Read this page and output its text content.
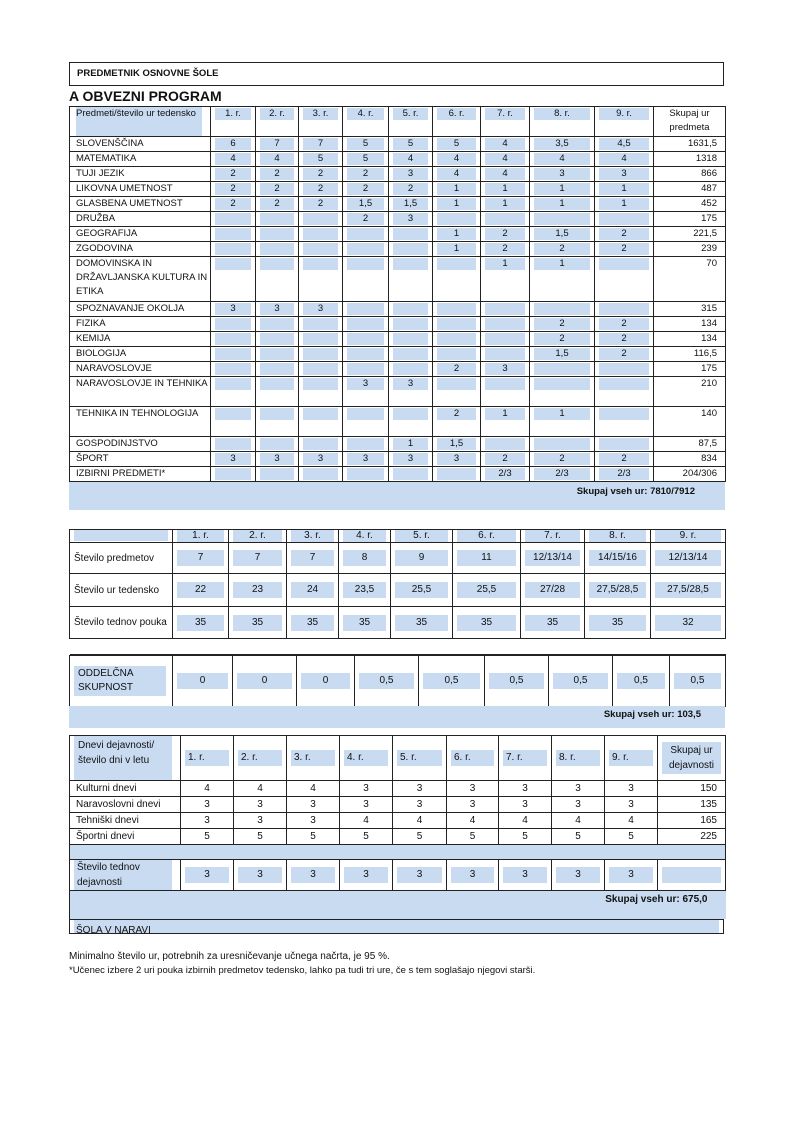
PREDMETNIK OSNOVNE ŠOLE
A OBVEZNI PROGRAM
Predmeti/število ur tedensko	1. r.	2. r.	3. r.	4. r.	5. r.	6. r.	7. r.	8. r.	9. r.	Skupaj ur predmeta
SLOVENŠČINA	6	7	7	5	5	5	4	3,5	4,5	1631,5
MATEMATIKA	4	4	5	5	4	4	4	4	4	1318
TUJI JEZIK	2	2	2	2	3	4	4	3	3	866
LIKOVNA UMETNOST	2	2	2	2	2	1	1	1	1	487
GLASBENA UMETNOST	2	2	2	1,5	1,5	1	1	1	1	452
DRUŽBA				2	3					175
GEOGRAFIJA						1	2	1,5	2	221,5
ZGODOVINA						1	2	2	2	239
DOMOVINSKA IN DRŽAVLJANSKA KULTURA IN ETIKA							1	1		70
SPOZNAVANJE OKOLJA	3	3	3							315
FIZIKA								2	2	134
KEMIJA								2	2	134
BIOLOGIJA								1,5	2	116,5
NARAVOSLOVJE						2	3			175
NARAVOSLOVJE IN TEHNIKA				3	3					210
TEHNIKA IN TEHNOLOGIJA						2	1	1		140
GOSPODINJSTVO					1	1,5				87,5
ŠPORT	3	3	3	3	3	3	2	2	2	834
IZBIRNI PREDMETI*							2/3	2/3	2/3	204/306
Skupaj vseh ur: 7810/7912

	1. r.	2. r.	3. r.	4. r.	5. r.	6. r.	7. r.	8. r.	9. r.

Število predmetov	7	7	7	8	9	11	12/13/14	14/15/16	12/13/14

Število ur tedensko	22	23	24	23,5	25,5	25,5	27/28	27,5/28,5	27,5/28,5

Število tednov pouka	35	35	35	35	35	35	35	35	32

ODDELČNA SKUPNOST

0	0	0	0,5	0,5	0,5	0,5	0,5	0,5
Skupaj vseh ur: 103,5
Dnevi dejavnosti/število dni v letu	1. r.	2. r.	3. r.	4. r.	5. r.	6. r.	7. r.	8. r.	9. r.	Skupaj ur dejavnosti

Kulturni dnevi	4	4	4	3	3	3	3	3	3	150
Naravoslovni dnevi	3	3	3	3	3	3	3	3	3	135
Tehniški dnevi	3	3	3	4	4	4	4	4	4	165
Športni dnevi	5	5	5	5	5	5	5	5	5	225

Število tednov dejavnosti	3	3	3	3	3	3	3	3	3	

Skupaj vseh ur: 675,0										
ŠOLA V NARAVI
Minimalno število ur, potrebnih za uresničevanje učnega načrta, je 95 %.
*Učenec izbere 2 uri pouka izbirnih predmetov tedensko, lahko pa tudi tri ure, če s tem soglašajo njegovi starši.
